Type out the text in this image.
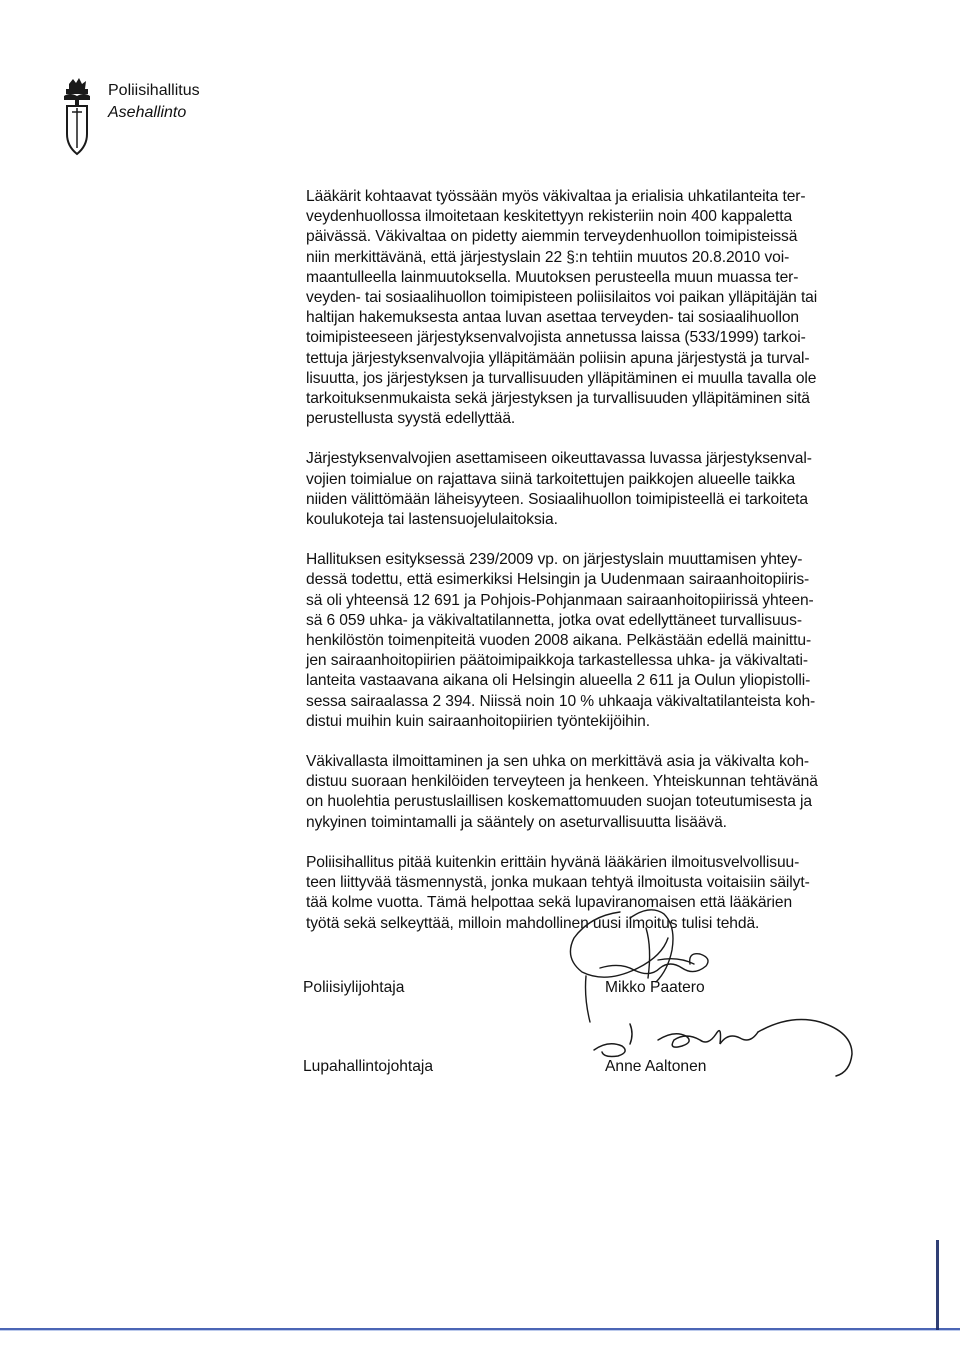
Poliisihallitus
Asehallinto

Lääkärit kohtaavat työssään myös väkivaltaa ja erialisia uhkatilanteita ter-
veydenhuollossa ilmoitetaan keskitettyyn rekisteriin noin 400 kappaletta
päivässä. Väkivaltaa on pidetty aiemmin terveydenhuollon toimipisteissä
niin merkittävänä, että järjestyslain 22 §:n tehtiin muutos 20.8.2010 voi-
maantulleella lainmuutoksella. Muutoksen perusteella muun muassa ter-
veyden- tai sosiaalihuollon toimipisteen poliisilaitos voi paikan ylläpitäjän tai
haltijan hakemuksesta antaa luvan asettaa terveyden- tai sosiaalihuollon
toimipisteeseen järjestyksenvalvojista annetussa laissa (533/1999) tarkoi-
tettuja järjestyksenvalvojia ylläpitämään poliisin apuna järjestystä ja turval-
lisuutta, jos järjestyksen ja turvallisuuden ylläpitäminen ei muulla tavalla ole
tarkoituksenmukaista sekä järjestyksen ja turvallisuuden ylläpitäminen sitä
perustellusta syystä edellyttää.

Järjestyksenvalvojien asettamiseen oikeuttavassa luvassa järjestyksenval-
vojien toimialue on rajattava siinä tarkoitettujen paikkojen alueelle taikka
niiden välittömään läheisyyteen. Sosiaalihuollon toimipisteellä ei tarkoiteta
koulukoteja tai lastensuojelulaitoksia.

Hallituksen esityksessä 239/2009 vp. on järjestyslain muuttamisen yhtey-
dessä todettu, että esimerkiksi Helsingin ja Uudenmaan sairaanhoitopiiris-
sä oli yhteensä 12 691 ja Pohjois-Pohjanmaan sairaanhoitopiirissä yhteen-
sä 6 059 uhka- ja väkivaltatilannetta, jotka ovat edellyttäneet turvallisuus-
henkilöstön toimenpiteitä vuoden 2008 aikana. Pelkästään edellä mainittu-
jen sairaanhoitopiirien päätoimipaikkoja tarkastellessa uhka- ja väkivaltati-
lanteita vastaavana aikana oli Helsingin alueella 2 611 ja Oulun yliopistolli-
sessa sairaalassa 2 394. Niissä noin 10 % uhkaaja väkivaltatilanteista koh-
distui muihin kuin sairaanhoitopiirien työntekijöihin.

Väkivallasta ilmoittaminen ja sen uhka on merkittävä asia ja väkivalta koh-
distuu suoraan henkilöiden terveyteen ja henkeen. Yhteiskunnan tehtävänä
on huolehtia perustuslaillisen koskemattomuuden suojan toteutumisesta ja
nykyinen toimintamalli ja sääntely on aseturvallisuutta lisäävä.

Poliisihallitus pitää kuitenkin erittäin hyvänä lääkärien ilmoitusvelvollisuu-
teen liittyvää täsmennystä, jonka mukaan tehtyä ilmoitusta voitaisiin säilyt-
tää kolme vuotta. Tämä helpottaa sekä lupaviranomaisen että lääkärien
työtä sekä selkeyttää, milloin mahdollinen uusi ilmoitus tulisi tehdä.

Poliisiylijohtaja	Mikko Paatero
Lupahallintojohtaja	Anne Aaltonen
